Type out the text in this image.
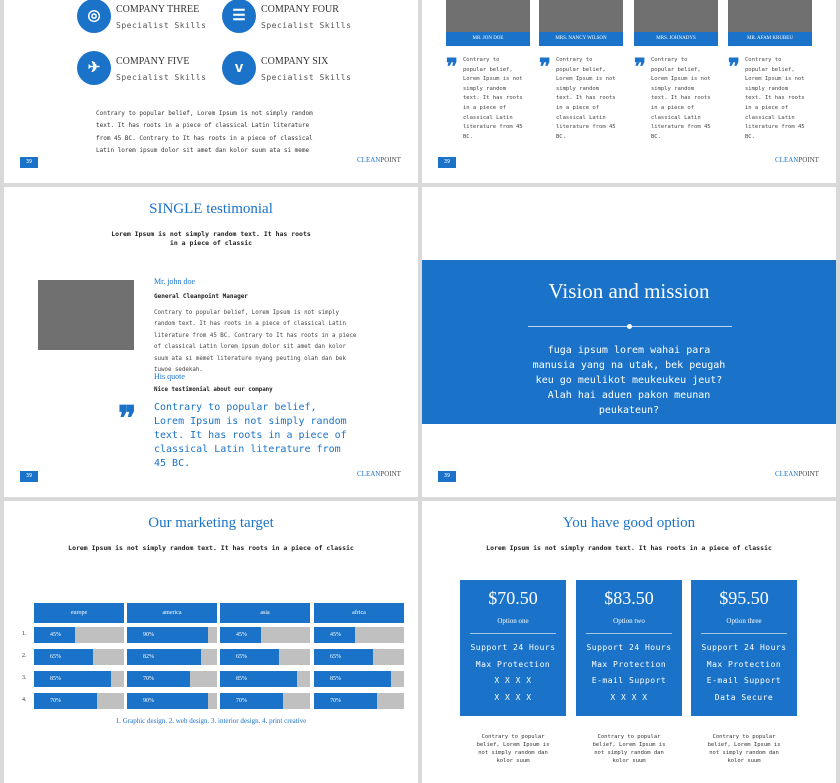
◎	COMPANY THREE
Specialist Skills
☰	COMPANY FOUR
Specialist Skills
✈	COMPANY FIVE
Specialist Skills
v	COMPANY SIX
Specialist Skills
Contrary to popular belief, Lorem Ipsum is not simply random
text. It has roots in a piece of classical Latin literature
from 45 BC. Contrary to It has roots in a piece of classical
Latin lorem ipsum dolor sit amet dan kolor suum ata si meme
39	CLEANPOINT
MR. JON DOE	MRS. NANCY WILSON	MRS. JOHNADYS	MR. AFAM KRUBEU
❞ Contrary to
popular belief,
Lorem Ipsum is not
simply random
text. It has roots
in a piece of
classical Latin
literature from 45
BC.
❞ Contrary to
popular belief,
Lorem Ipsum is not
simply random
text. It has roots
in a piece of
classical Latin
literature from 45
BC.
❞ Contrary to
popular belief,
Lorem Ipsum is not
simply random
text. It has roots
in a piece of
classical Latin
literature from 45
BC.
❞ Contrary to
popular belief,
Lorem Ipsum is not
simply random
text. It has roots
in a piece of
classical Latin
literature from 45
BC.
39	CLEANPOINT
SINGLE testimonial
Lorem Ipsum is not simply random text. It has roots
in a piece of classic
Mr. john doe
General Cleanpoint Manager
Contrary to popular belief, Lorem Ipsum is not simply
random text. It has roots in a piece of classical Latin
literature from 45 BC. Contrary to It has roots in a piece
of classical Latin lorem ipsum dolor sit amet dan kolor
suum ata si memet literature nyang peuting olah dan bek
tuwoe sedekah.
His quote
Nice testimonial about our company
❞ Contrary to popular belief,
Lorem Ipsum is not simply random
text. It has roots in a piece of
classical Latin literature from
45 BC.
39	CLEANPOINT
Vision and mission
fuga ipsum lorem wahai para
manusia yang na utak, bek peugah
keu go meulikot meukeukeu jeut?
Alah hai aduen pakon meunan
peukateun?
39	CLEANPOINT
Our marketing target
Lorem Ipsum is not simply random text. It has roots in a piece of classic
europe	america	asia	africa
1.	45%	90%	45%	45%
2.	65%	82%	65%	65%
3.	85%	70%	85%	85%
4.	70%	90%	70%	70%
1. Graphic design. 2. web design. 3. interior design. 4. print creative
You have good option
Lorem Ipsum is not simply random text. It has roots in a piece of classic
$70.50
Option one
Support 24 Hours
Max Protection
X X X X
X X X X
Contrary to popular
belief, Lorem Ipsum is
not simply random dan
kolor suum
$83.50
Option two
Support 24 Hours
Max Protection
E-mail Support
X X X X
Contrary to popular
belief, Lorem Ipsum is
not simply random dan
kolor suum
$95.50
Option three
Support 24 Hours
Max Protection
E-mail Support
Data Secure
Contrary to popular
belief, Lorem Ipsum is
not simply random dan
kolor suum
